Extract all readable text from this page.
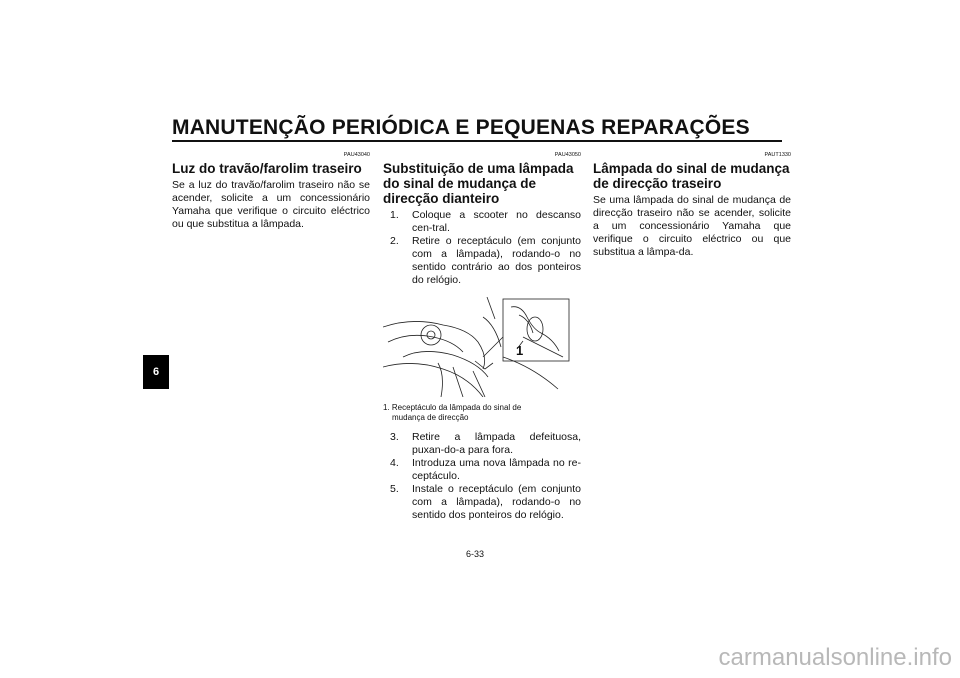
MANUTENÇÃO PERIÓDICA E PEQUENAS REPARAÇÕES
6
PAU43040
Luz do travão/farolim traseiro

Se a luz do travão/farolim traseiro não se acender, solicite a um concessionário Yamaha que verifique o circuito eléctrico ou que substitua a lâmpada.

PAU43050
Substituição de uma lâmpada do sinal de mudança de direcção dianteiro
1. Coloque a scooter no descanso cen-tral.
2. Retire o receptáculo (em conjunto com a lâmpada), rodando-o no sentido contrário ao dos ponteiros do relógio.
1
1. Receptáculo da lâmpada do sinal de
mudança de direcção
3. Retire a lâmpada defeituosa, puxan-do-a para fora.
4. Introduza uma nova lâmpada no re-ceptáculo.
5. Instale o receptáculo (em conjunto com a lâmpada), rodando-o no sentido dos ponteiros do relógio.
PAUT1330
Lâmpada do sinal de mudança de direcção traseiro

Se uma lâmpada do sinal de mudança de direcção traseiro não se acender, solicite a um concessionário Yamaha que verifique o circuito eléctrico ou que substitua a lâmpa-da.

6-33
carmanualsonline.info
